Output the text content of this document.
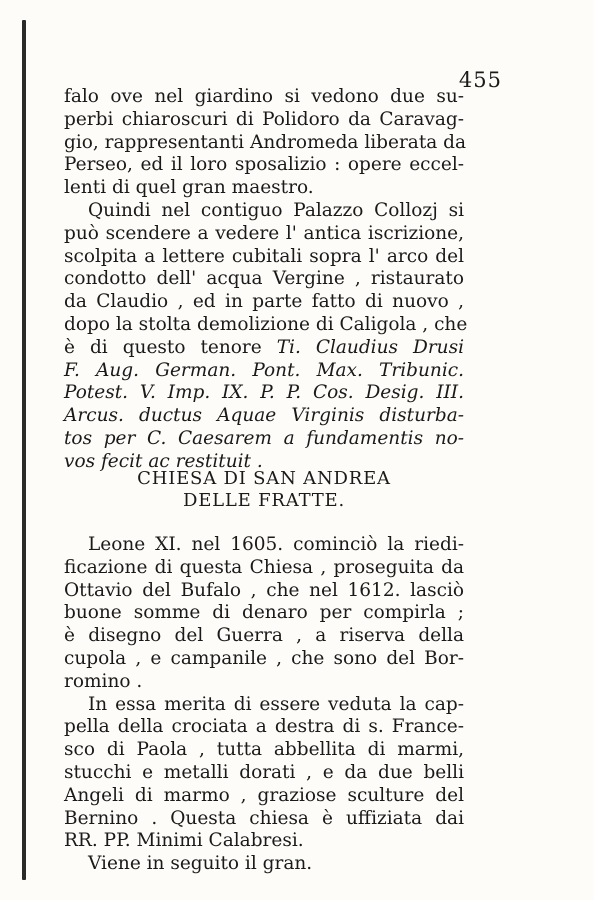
455
falo ove nel giardino si vedono due su-
perbi chiaroscuri di Polidoro da Caravag-
gio, rappresentanti Andromeda liberata da
Perseo, ed il loro sposalizio : opere eccel-
lenti di quel gran maestro.
Quindi nel contiguo Palazzo Collozj si
può scendere a vedere l' antica iscrizione,
scolpita a lettere cubitali sopra l' arco del
condotto dell' acqua Vergine , ristaurato
da Claudio , ed in parte fatto di nuovo ,
dopo la stolta demolizione di Caligola , che
è di questo tenore Ti. Claudius Drusi
F. Aug. German. Pont. Max. Tribunic.
Potest. V. Imp. IX. P. P. Cos. Desig. III.
Arcus. ductus Aquae Virginis disturba-
tos per C. Caesarem a fundamentis no-
vos fecit ac restituit .
CHIESA DI SAN ANDREA
DELLE FRATTE.
Leone XI. nel 1605. cominciò la riedi-
ficazione di questa Chiesa , proseguita da
Ottavio del Bufalo , che nel 1612. lasciò
buone somme di denaro per compirla ;
è disegno del Guerra , a riserva della
cupola , e campanile , che sono del Bor-
romino .
In essa merita di essere veduta la cap-
pella della crociata a destra di s. France-
sco di Paola , tutta abbellita di marmi,
stucchi e metalli dorati , e da due belli
Angeli di marmo , graziose sculture del
Bernino . Questa chiesa è uffiziata dai
RR. PP. Minimi Calabresi.
Viene in seguito il gran.
